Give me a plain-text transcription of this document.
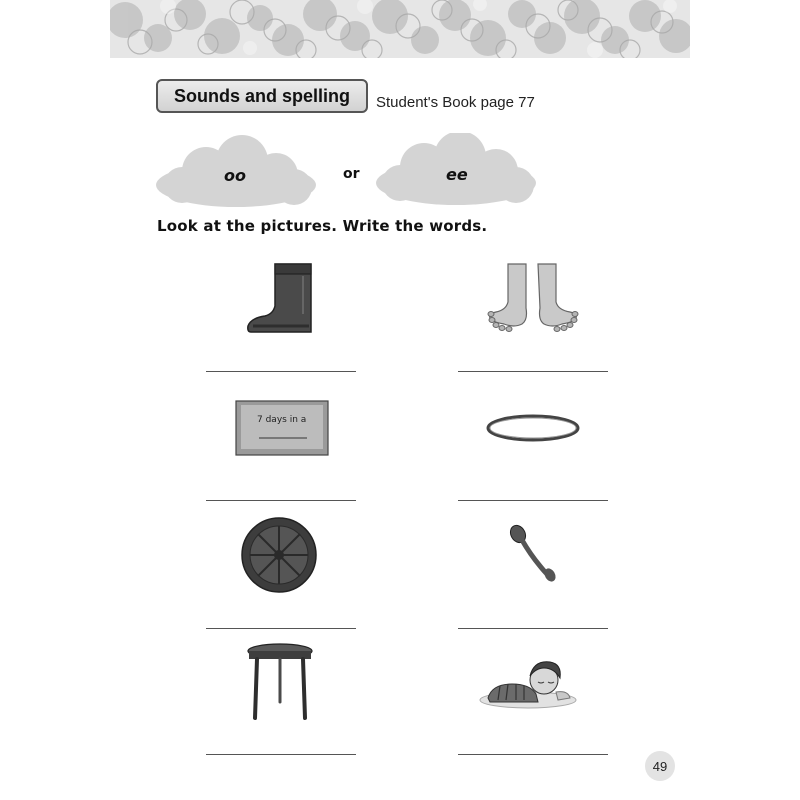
Sounds and spelling Student's Book page 77
oo	or	ee
Look at the pictures. Write the words.
7 days in a
49
